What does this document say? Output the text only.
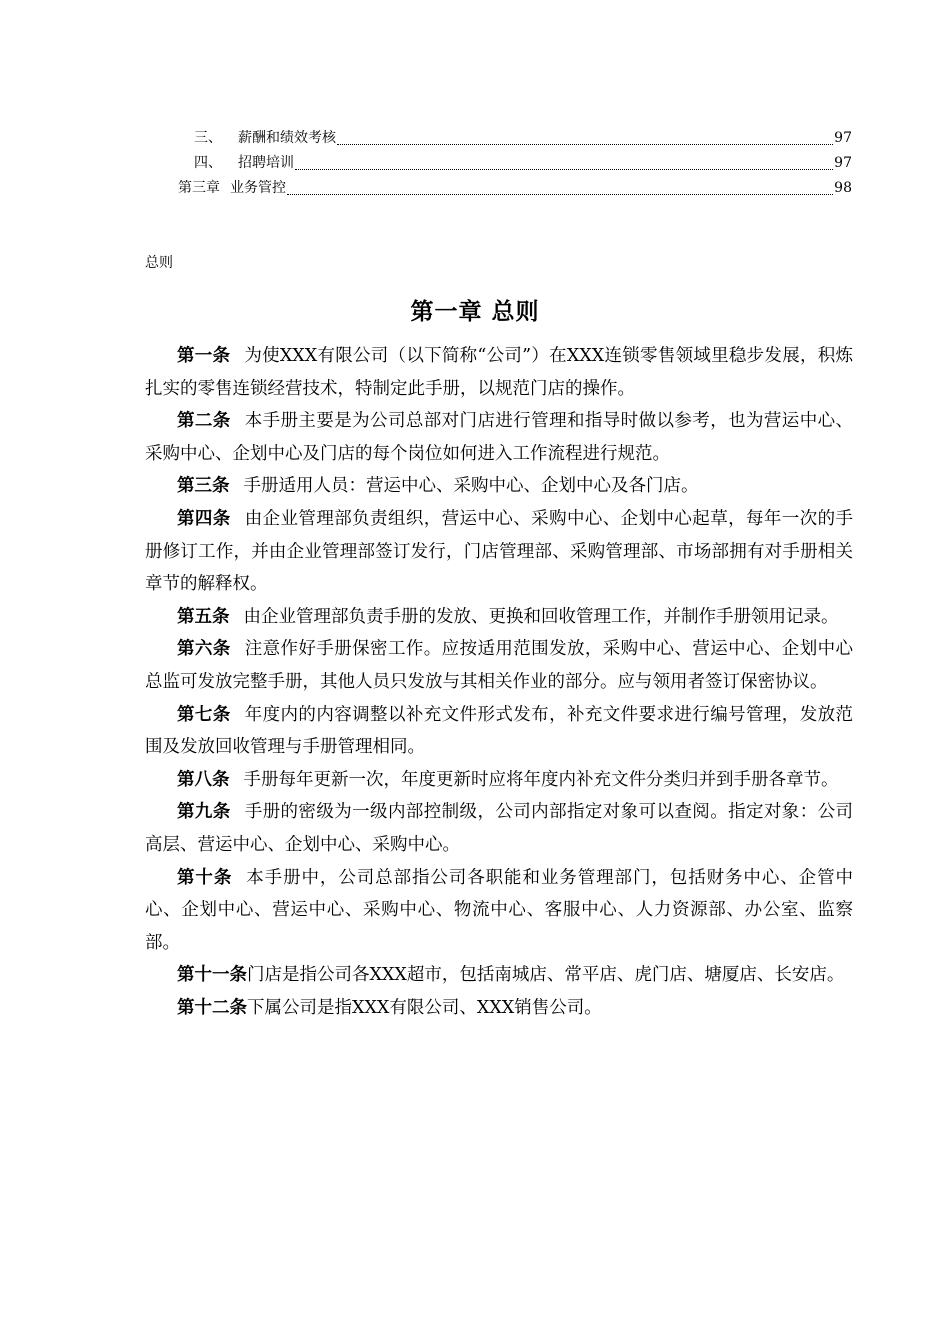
三、	薪酬和绩效考核	97
四、	招聘培训	97
第三章 业务管控	98
总则
第一章 总则

第一条 为使XXX有限公司（以下简称“公司”）在XXX连锁零售领域里稳步发展，积炼扎实的零售连锁经营技术，特制定此手册，以规范门店的操作。

第二条 本手册主要是为公司总部对门店进行管理和指导时做以参考，也为营运中心、采购中心、企划中心及门店的每个岗位如何进入工作流程进行规范。

第三条 手册适用人员：营运中心、采购中心、企划中心及各门店。

第四条 由企业管理部负责组织，营运中心、采购中心、企划中心起草，每年一次的手册修订工作，并由企业管理部签订发行，门店管理部、采购管理部、市场部拥有对手册相关章节的解释权。

第五条 由企业管理部负责手册的发放、更换和回收管理工作，并制作手册领用记录。

第六条 注意作好手册保密工作。应按适用范围发放，采购中心、营运中心、企划中心总监可发放完整手册，其他人员只发放与其相关作业的部分。应与领用者签订保密协议。

第七条 年度内的内容调整以补充文件形式发布，补充文件要求进行编号管理，发放范围及发放回收管理与手册管理相同。

第八条 手册每年更新一次，年度更新时应将年度内补充文件分类归并到手册各章节。

第九条 手册的密级为一级内部控制级，公司内部指定对象可以查阅。指定对象：公司高层、营运中心、企划中心、采购中心。

第十条 本手册中，公司总部指公司各职能和业务管理部门，包括财务中心、企管中心、企划中心、营运中心、采购中心、物流中心、客服中心、人力资源部、办公室、监察部。

第十一条门店是指公司各XXX超市，包括南城店、常平店、虎门店、塘厦店、长安店。

第十二条下属公司是指XXX有限公司、XXX销售公司。
